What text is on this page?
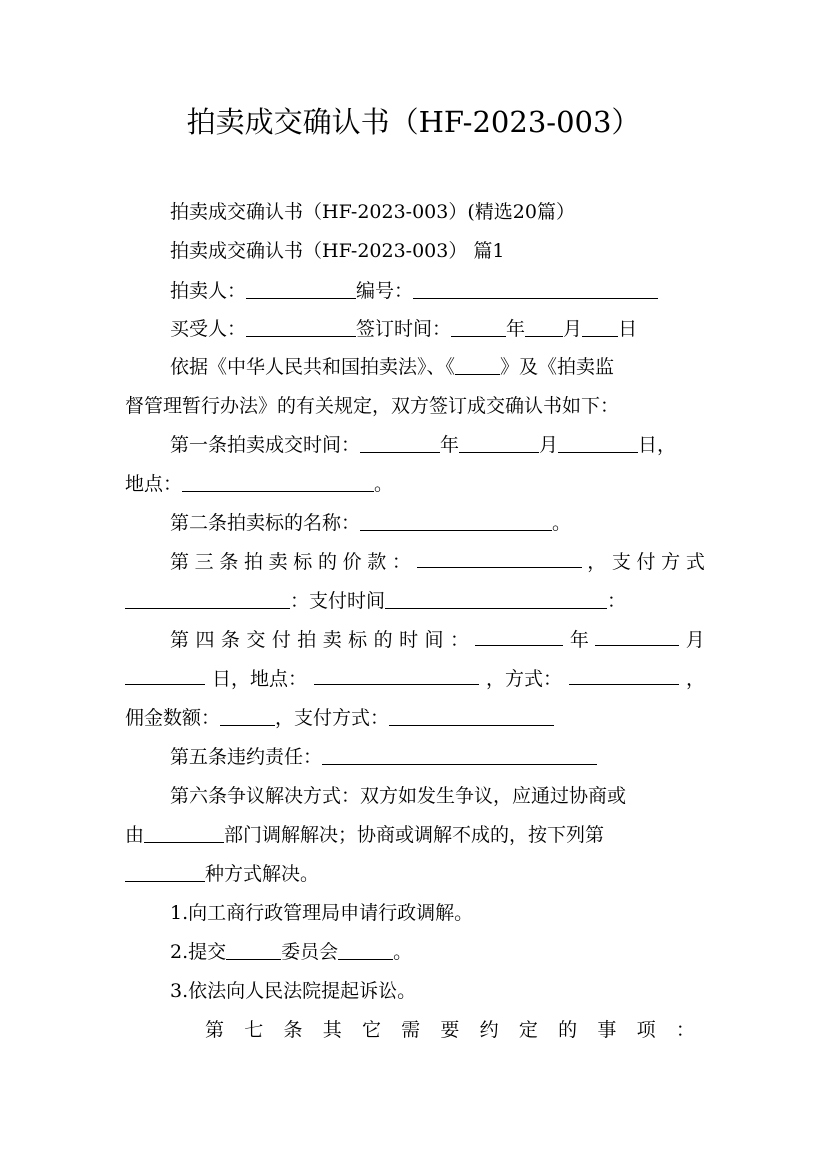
拍卖成交确认书（HF-2023-003）

拍卖成交确认书（HF-2023-003）(精选20篇）

拍卖成交确认书（HF-2023-003） 篇1

拍卖人：	编号：

买受人：	签订时间：	年 月 日

依据《中华人民共和国拍卖法》、《 》及《拍卖监

督管理暂行办法》的有关规定，双方签订成交确认书如下：

第一条拍卖成交时间：	年	月	日，

地点：	。

第二条拍卖标的名称：	。

第 三 条 拍 卖 标 的 价 款 ：	， 支 付 方 式

：支付时间	：

第 四 条 交 付 拍 卖 标 的 时 间 ：	年	月

日，地点：	，方式：	，

佣金数额：	，支付方式：

第五条违约责任：

第六条争议解决方式：双方如发生争议，应通过协商或

由	部门调解解决；协商或调解不成的，按下列第

种方式解决。

1.向工商行政管理局申请行政调解。

2.提交	委员会	。

3.依法向人民法院提起诉讼。

第 七 条 其 它 需 要 约 定 的 事 项 ：
